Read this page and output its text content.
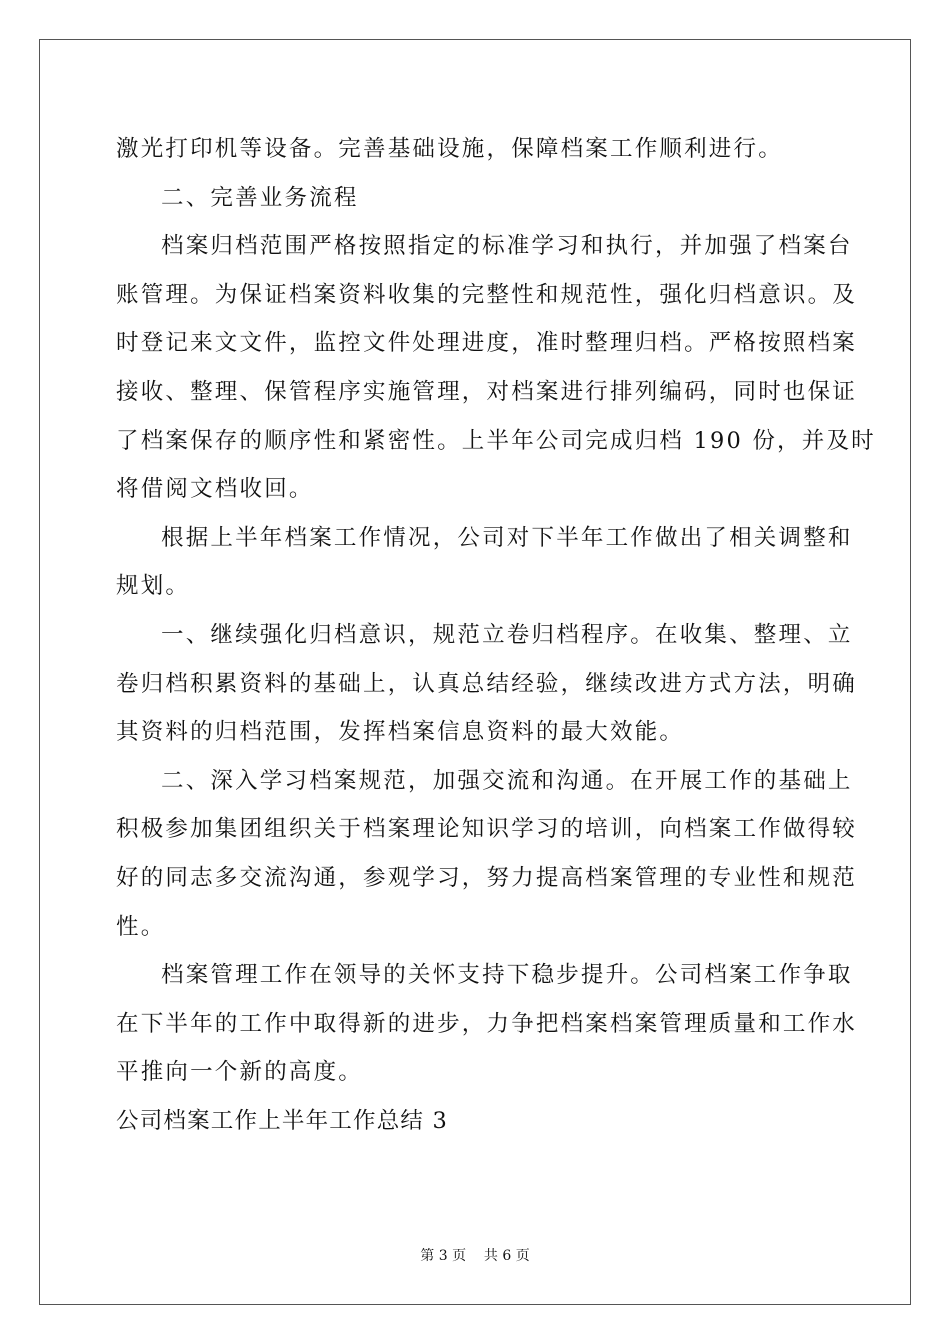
激光打印机等设备。完善基础设施，保障档案工作顺利进行。
二、完善业务流程
档案归档范围严格按照指定的标准学习和执行，并加强了档案台
账管理。为保证档案资料收集的完整性和规范性，强化归档意识。及
时登记来文文件，监控文件处理进度，准时整理归档。严格按照档案
接收、整理、保管程序实施管理，对档案进行排列编码，同时也保证
了档案保存的顺序性和紧密性。上半年公司完成归档 190 份，并及时
将借阅文档收回。
根据上半年档案工作情况，公司对下半年工作做出了相关调整和
规划。
一、继续强化归档意识，规范立卷归档程序。在收集、整理、立
卷归档积累资料的基础上，认真总结经验，继续改进方式方法，明确
其资料的归档范围，发挥档案信息资料的最大效能。
二、深入学习档案规范，加强交流和沟通。在开展工作的基础上
积极参加集团组织关于档案理论知识学习的培训，向档案工作做得较
好的同志多交流沟通，参观学习，努力提高档案管理的专业性和规范
性。
档案管理工作在领导的关怀支持下稳步提升。公司档案工作争取
在下半年的工作中取得新的进步，力争把档案档案管理质量和工作水
平推向一个新的高度。
公司档案工作上半年工作总结 3
第 3 页 共 6 页
